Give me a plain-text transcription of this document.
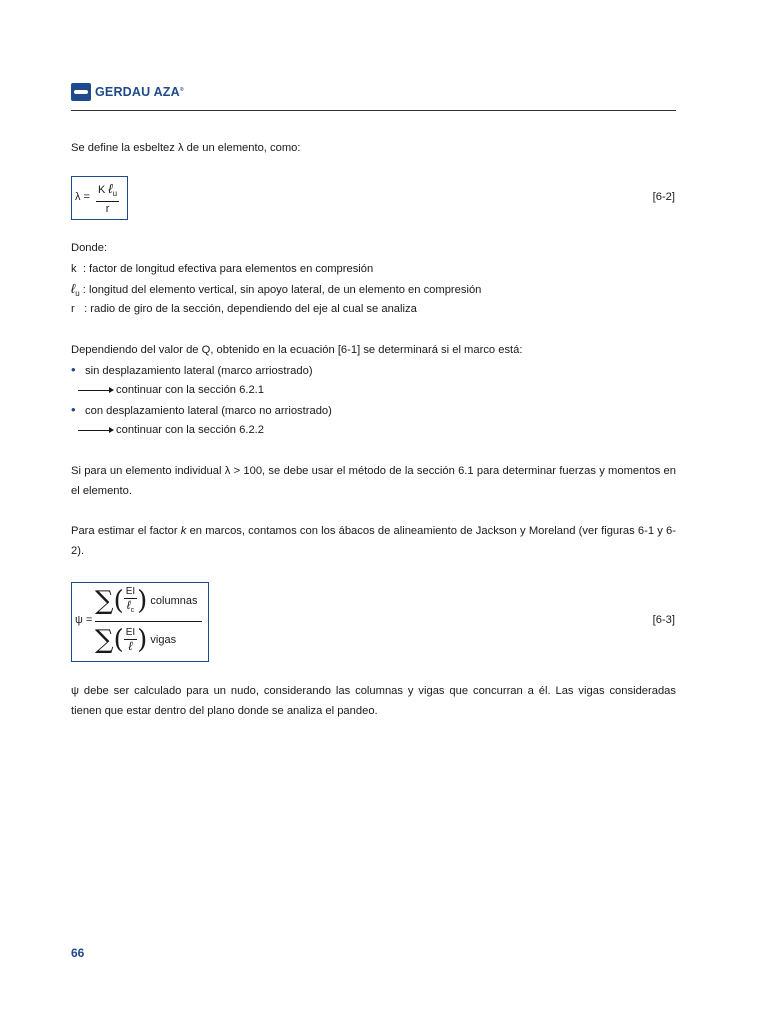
GERDAU AZA®

Se define la esbeltez λ de un elemento, como:

λ =
K ℓ$_u$
r
[6-2]

Donde:

k : factor de longitud efectiva para elementos en compresión

ℓ$_u$ : longitud del elemento vertical, sin apoyo lateral, de un elemento en compresión

r : radio de giro de la sección, dependiendo del eje al cual se analiza

Dependiendo del valor de Q, obtenido en la ecuación [6-1] se determinará si el marco está:

• sin desplazamiento lateral (marco arriostrado)

continuar con la sección 6.2.1

• con desplazamiento lateral (marco no arriostrado)

continuar con la sección 6.2.2

Si para un elemento individual λ > 100, se debe usar el método de la sección 6.1 para determinar fuerzas y momentos en el elemento.

Para estimar el factor k en marcos, contamos con los ábacos de alineamiento de Jackson y Moreland (ver figuras 6-1 y 6-2).

ψ =
∑( $\frac{EI}{\ell_c}$ ) columnas
∑( $\frac{EI}{\text{ℓ}}$ ) vigas
[6-3]

ψ debe ser calculado para un nudo, considerando las columnas y vigas que concurran a él. Las vigas consideradas tienen que estar dentro del plano donde se analiza el pandeo.

66
